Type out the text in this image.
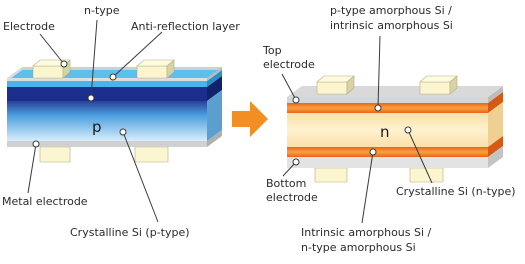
p
Electrode
n-type
Anti-reflection layer
Metal electrode
Crystalline Si (p-type)
n
p-type amorphous Si /
intrinsic amorphous Si
Top
electrode
Bottom
electrode	Crystalline Si (n-type)
Intrinsic amorphous Si /
n-type amorphous Si
